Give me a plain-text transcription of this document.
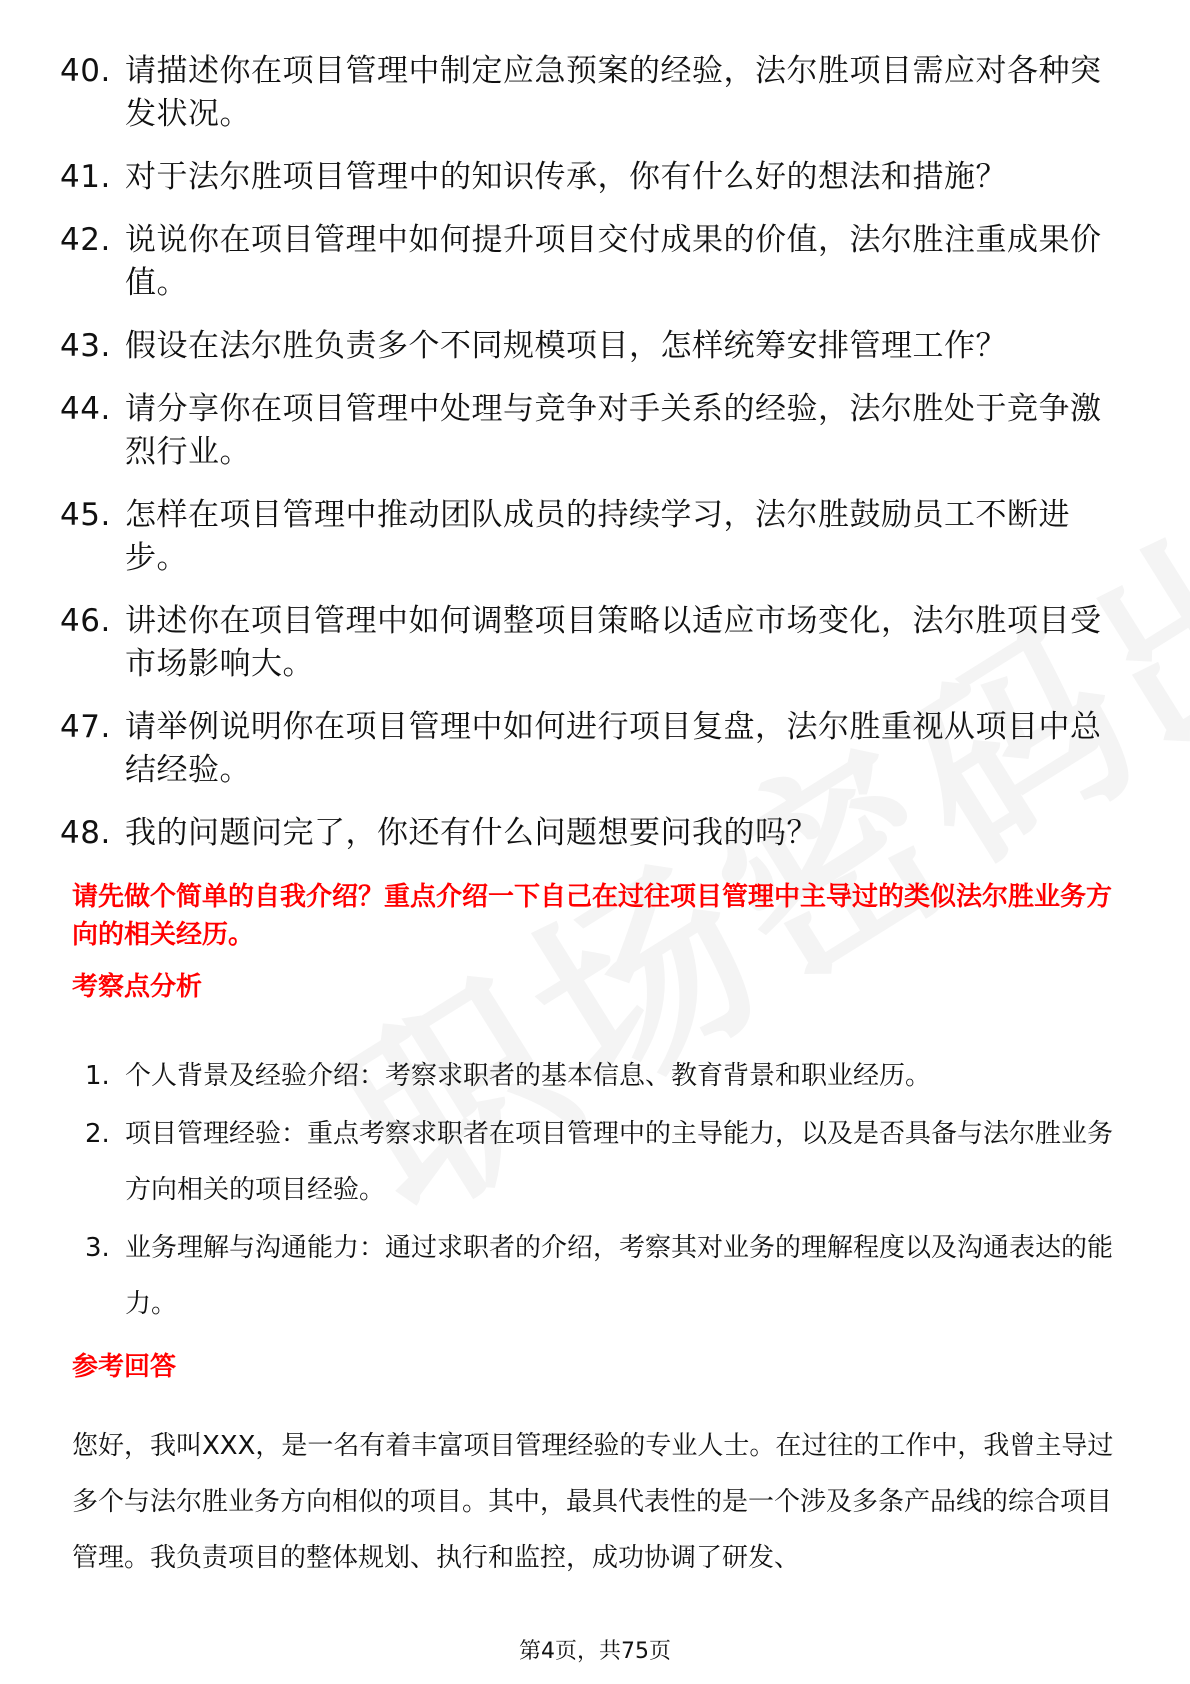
40. 请描述你在项目管理中制定应急预案的经验，法尔胜项目需应对各种突发状况。
41. 对于法尔胜项目管理中的知识传承，你有什么好的想法和措施？
42. 说说你在项目管理中如何提升项目交付成果的价值，法尔胜注重成果价值。
43. 假设在法尔胜负责多个不同规模项目，怎样统筹安排管理工作？
44. 请分享你在项目管理中处理与竞争对手关系的经验，法尔胜处于竞争激烈行业。
45. 怎样在项目管理中推动团队成员的持续学习，法尔胜鼓励员工不断进步。
46. 讲述你在项目管理中如何调整项目策略以适应市场变化，法尔胜项目受市场影响大。
47. 请举例说明你在项目管理中如何进行项目复盘，法尔胜重视从项目中总结经验。
48. 我的问题问完了，你还有什么问题想要问我的吗？

请先做个简单的自我介绍？重点介绍一下自己在过往项目管理中主导过的类似法尔胜业务方向的相关经历。

考察点分析
1. 个人背景及经验介绍：考察求职者的基本信息、教育背景和职业经历。
2. 项目管理经验：重点考察求职者在项目管理中的主导能力，以及是否具备与法尔胜业务方向相关的项目经验。
3. 业务理解与沟通能力：通过求职者的介绍，考察其对业务的理解程度以及沟通表达的能力。
参考回答

您好，我叫XXX，是一名有着丰富项目管理经验的专业人士。在过往的工作中，我曾主导过多个与法尔胜业务方向相似的项目。其中，最具代表性的是一个涉及多条产品线的综合项目管理。我负责项目的整体规划、执行和监控，成功协调了研发、

第4页，共75页
